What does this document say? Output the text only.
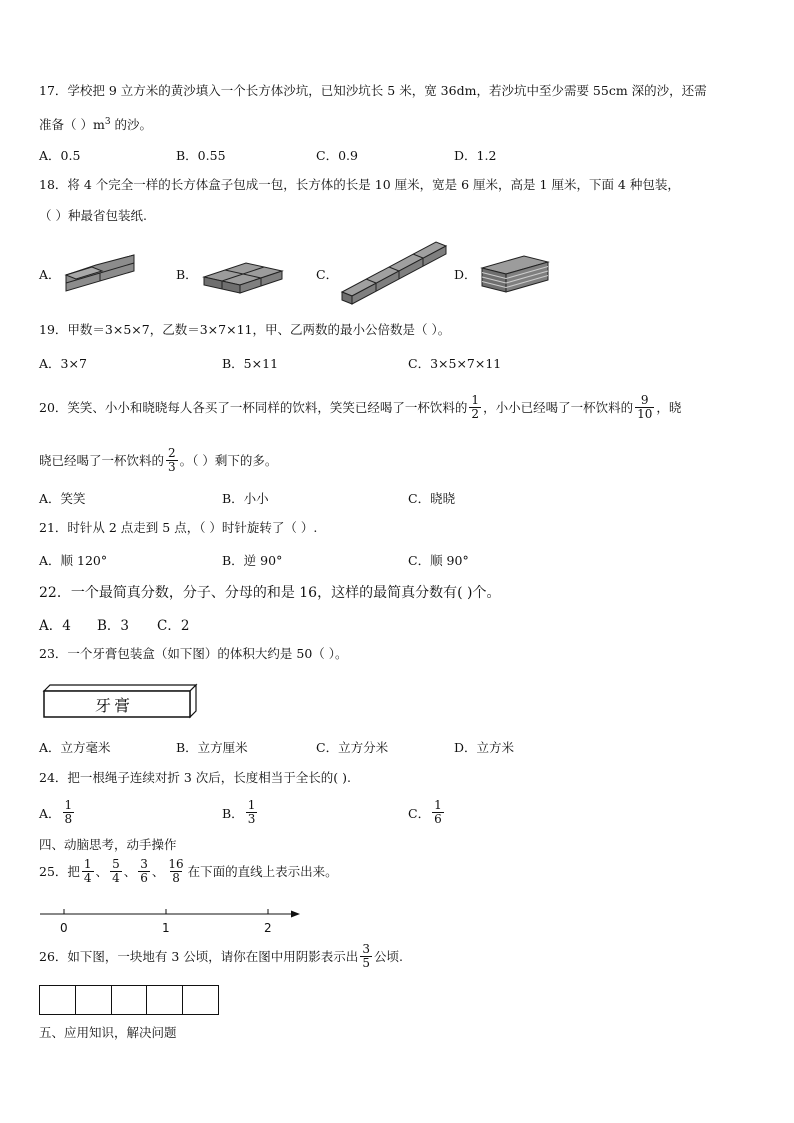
17．学校把 9 立方米的黄沙填入一个长方体沙坑，已知沙坑长 5 米，宽 36dm，若沙坑中至少需要 55cm 深的沙，还需
准备（ ）$m^3$ 的沙。
A．0.5	B．0.55	C．0.9	D．1.2
18．将 4 个完全一样的长方体盒子包成一包，长方体的长是 10 厘米，宽是 6 厘米，高是 1 厘米，下面 4 种包装，
（ ）种最省包装纸.
A．	B．	C．	D．
19．甲数＝3×5×7，乙数＝3×7×11，甲、乙两数的最小公倍数是（ ）。
A．3×7	B．5×11	C．3×5×7×11
20．笑笑、小小和晓晓每人各买了一杯同样的饮料，笑笑已经喝了一杯饮料的 $\frac{1}{2}$ ，小小已经喝了一杯饮料的 $\frac{9}{10}$ ，晓
晓已经喝了一杯饮料的 $\frac{2}{3}$ 。（ ）剩下的多。
A．笑笑	B．小小	C．晓晓
21．时针从 2 点走到 5 点，（ ）时针旋转了（ ）.
A．顺 120°	B．逆 90°	C．顺 90°
22．一个最简真分数，分子、分母的和是 16，这样的最简真分数有( )个。
A．4 B．3 C．2
23．一个牙膏包装盒（如下图）的体积大约是 50（ ）。
牙膏
A．立方毫米	B．立方厘米	C．立方分米	D．立方米
24．把一根绳子连续对折 3 次后，长度相当于全长的( ).
A． $\frac{1}{8}$	B． $\frac{1}{3}$	C． $\frac{1}{6}$
四、动脑思考，动手操作
25．把 $\frac{1}{4}$ 、 $\frac{5}{4}$ 、 $\frac{3}{6}$ 、 $\frac{16}{8}$ 在下面的直线上表示出来。
0	1	2
26．如下图，一块地有 3 公顷，请你在图中用阴影表示出 $\frac{3}{5}$ 公顷.
五、应用知识，解决问题
